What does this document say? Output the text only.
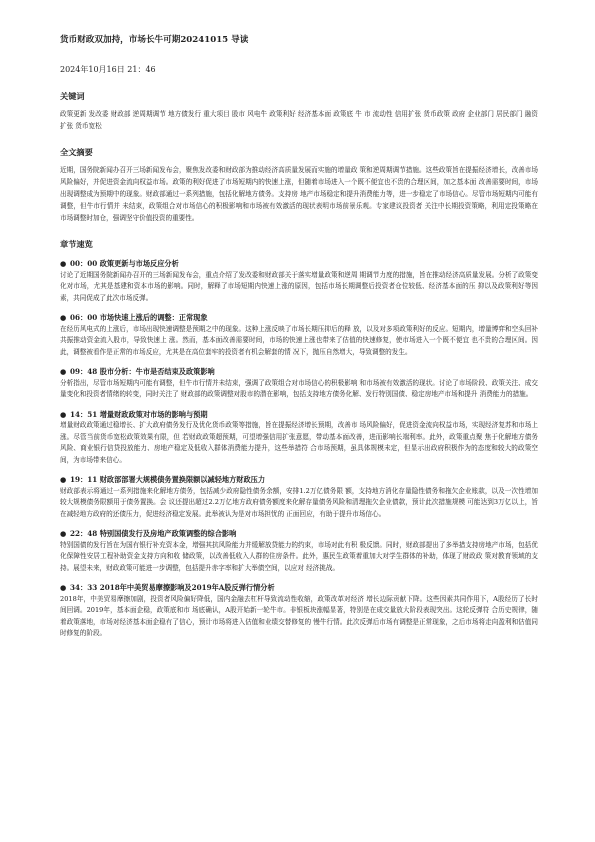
货币财政双加持，市场长牛可期20241015 导读
2024年10月16日 21：46
关键词
政策更新 发改委 财政部 逆周期调节 地方债发行 重大项目 股市 风电牛 政策利好 经济基本面 政策底 牛 市 流动性 信用扩张 货币政策 政府 企业部门 居民部门 融资扩张 货币宽松
全文摘要
近期，国务院新闻办召开三场新闻发布会，聚焦发改委和财政部为推动经济高质量发展而实施的增量政 策和逆周期调节措施。这些政策旨在提振经济增长，改善市场风险偏好，并促进资金流向权益市场。政策的利好促进了市场短期内的快速上涨，但随着市场进入一个既不便宜也不贵的合理区间，加之基本面 改善需要时间，市场出现调整成为预期中的现象。财政部通过一系列措施，包括化解地方债务。支持房 地产市场稳定和提升消费能力等，进一步稳定了市场信心。尽管市场短期内可能有调整，但牛市行情并 未结束，政策组合对市场信心的积极影响和市场被有效激活的现状表明市场前景乐观。专家建议投资者 关注中长期投资策略，利用定投策略在市场调整时加仓，强调坚守价值投资的重要性。
章节速览
● 00：00 政策更新与市场反应分析
讨论了近期国务院新闻办召开的三场新闻发布会，重点介绍了发改委和财政部关于落实增量政策和逆周 期调节力度的措施，旨在推动经济高质量发展。分析了政策变化对市场，尤其是基建和资本市场的影响。同时，解释了市场短期内快速上涨的原因，包括市场长期调整后投资者仓位较低、经济基本面的压 抑以及政策利好等因素，共同促成了此次市场反弹。
● 06：00 市场快速上涨后的调整：正常现象
在经历风电式的上涨后，市场出现快速调整是预期之中的现象。这种上涨反映了市场长期压抑后的释 放，以及对多项政策利好的反应。短期内，增量博弈和空头回补共振推动资金流入股市，导致快速上 涨。然而，基本面改善需要时间，市场的快速上涨也带来了估值的快速修复，使市场进入一个既不便宜 也不贵的合理区间。因此，调整被看作是正常的市场反应，尤其是在高位套牢的投资者有机会解套的情 况下，抛压自然增大，导致调整的发生。
● 09：48 股市分析：牛市是否结束及政策影响
分析指出，尽管市场短期内可能有调整，但牛市行情并未结束，强调了政策组合对市场信心的积极影响 和市场被有效激活的现状。讨论了市场阶段、政策关注、成交量变化和投资者情绪的转变，同时关注了 财政部的政策调整对股市的潜在影响，包括支持地方债务化解、发行特别国债、稳定房地产市场和提升 消费能力的措施。
● 14：51 增量财政政策对市场的影响与预期
增量财政政策通过稳增长、扩大政府债务发行及优化货币政策等措施，旨在提振经济增长预期，改善市 场风险偏好，促进资金流向权益市场，实现经济复苏和市场上涨。尽管当前货币宽松政策效果有限，但 若财政政策超预期，可望增强信用扩张意愿，带动基本面改善，进而影响长端利率。此外，政策重点聚 焦于化解地方债务风险、商业银行信贷投放能力、房地产稳定及低收入群体消费能力提升，这些举措符 合市场预期，虽具体规模未定，但显示出政府积极作为的态度和较大的政策空间，为市场带来信心。
● 19：11 财政部部署大规模债务置换限额以减轻地方财政压力
财政部表示将通过一系列措施来化解地方债务，包括减少政府隐性债务余额，安排1.2万亿债务限 额，支持地方消化存量隐性债务和拖欠企业账款，以及一次性增加较大规模债务限额用于债务置换。会 议还提出超过2.2万亿地方政府债务额度来化解存量债务风险和清理拖欠企业债款，预计此次措施规模 可能达到3万亿以上，旨在减轻地方政府的还债压力，促进经济稳定发展。此举被认为是对市场担忧的 正面回应，有助于提升市场信心。
● 22：48 特别国债发行及房地产政策调整的综合影响
特别国债的发行旨在为国有银行补充资本金，增强其抗风险能力并缓解放贷能力的约束，市场对此有积 极反馈。同时，财政部提出了多举措支持房地产市场，包括优化保障性安居工程补助资金支持方向和收 储政策，以改善低收入人群的住房条件。此外，惠民生政策着重加大对学生群体的补助，体现了财政政 策对教育领域的支持。展望未来，财政政策可能进一步调整，包括提升赤字率和扩大举债空间，以应对 经济挑战。
● 34：33 2018年中美贸易摩擦影响及2019年A股反弹行情分析
2018年，中美贸易摩擦加剧，投资者风险偏好降低，国内金融去杠杆导致流动性收缩，政策改革对经济 增长边际贡献下降。这些因素共同作用下，A股经历了长时间回调。2019年，基本面企稳，政策底和市 场底确认，A股开始新一轮牛市。非银板块涨幅显著，特别是在成交量放大阶段表现突出。这轮反弹符 合历史规律，随着政策落地，市场对经济基本面企稳有了信心，预计市场将进入估值和业绩交替修复的 慢牛行情。此次反弹后市场有调整是正常现象，之后市场将走向盈利和估值同时修复的阶段。
